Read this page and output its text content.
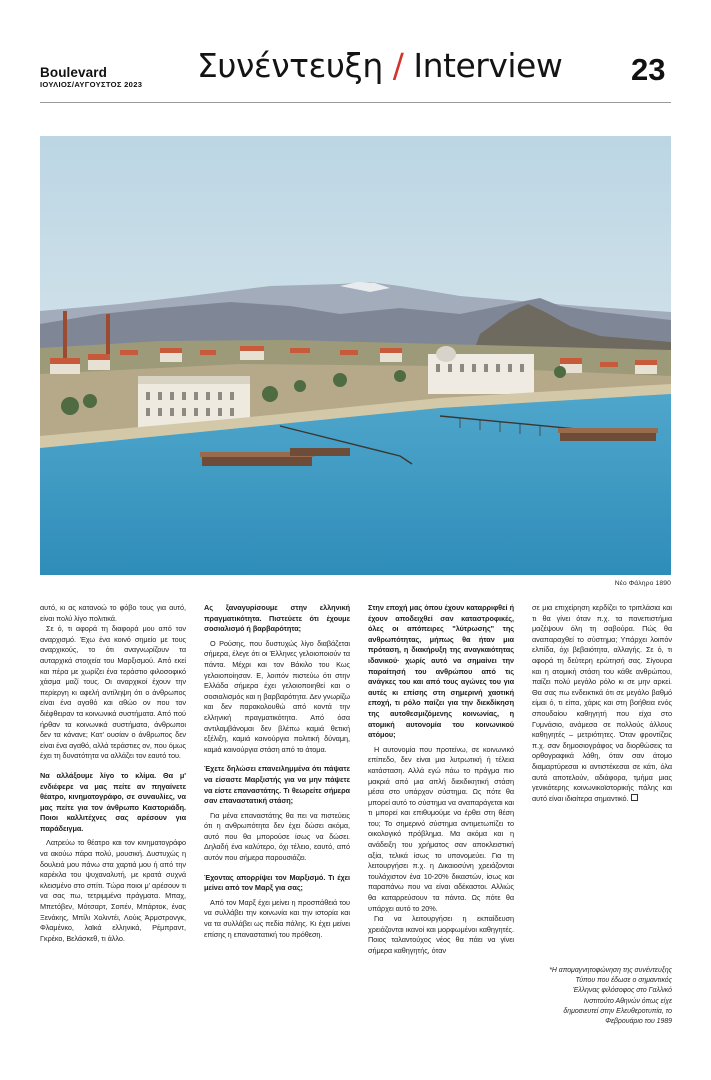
Boulevard
ΙΟΥΛΙΟΣ/ΑΥΓΟΥΣΤΟΣ 2023	Συνέντευξη / Interview 23
Νέο Φάληρο 1890

αυτό, κι ας κατανοώ το φόβο τους για αυτό, είναι πολύ λίγο πολιτικά.

Σε ό, τι αφορά τη διαφορά μου από τον αναρχισμό. Έχω ένα κοινό σημείο με τους αναρχικούς, το ότι αναγνωρίζουν τα αυταρχικά στοιχεία του Μαρξισμού. Από εκεί και πέρα με χωρίζει ένα τεράστιο φιλοσοφικό χάσμα μαζί τους. Οι αναρχικοί έχουν την περίεργη κι αφελή αντίληψη ότι ο άνθρωπος είναι ένα αγαθό και αθώο ον που τον διέφθειραν τα κοινωνικά συστήματα. Από πού ήρθαν τα κοινωνικά συστήματα, άνθρωποι δεν τα κάνανε; Κατ' ουσίαν ο άνθρωπος δεν είναι ένα αγαθό, αλλά τεράστιες ον, που όμως έχει τη δυνατότητα να αλλάζει τον εαυτό του.

Να αλλάξουμε λίγο το κλίμα. Θα μ' ενδιέφερε να μας πείτε αν πηγαίνετε θέατρο, κινηματογράφο, σε συναυλίες, να μας πείτε για τον άνθρωπο Καστοριάδη. Ποιοι καλλιτέχνες σας αρέσουν για παράδειγμα.

Λατρεύω το θέατρο και τον κινηματογράφο να ακούω πάρα πολύ, μουσική. Δυστυχώς η δουλειά μου πάνω στα χαρτιά μου ή από την καρέκλα του ψυχαναλυτή, με κρατά συχνά κλεισμένο στο σπίτι. Τώρα ποιοι μ' αρέσουν τι να σας πω, τετριμμένα πράγματα. Μπαχ, Μπετόβεν, Μότσαρτ, Σοπέν, Μπάρτοκ, ένας Ξενάκης, Μπίλι Χολιντέι, Λούις Άρμστρονγκ, Φλαμένκο, λαϊκά ελληνικά, Ρέμπραντ, Γκρέκο, Βελάσκεθ, τι άλλο.

Ας ξαναγυρίσουμε στην ελληνική πραγματικότητα. Πιστεύετε ότι έχουμε σοσιαλισμό ή βαρβαρότητα;

Ο Ρούσης, που δυστυχώς λίγο διαβάζεται σήμερα, έλεγε ότι οι Έλληνες γελοιοποιούν τα πάντα. Μέχρι και τον Βάκιλο του Κως γελοιοποίησαν. Ε, λοιπόν πιστεύω ότι στην Ελλάδα σήμερα έχει γελοιοποιηθεί και ο σοσιαλισμός και η βαρβαρότητα. Δεν γνωρίζω και δεν παρακολουθώ από κοντά την ελληνική πραγματικότητα. Από όσα αντιλαμβάνομαι δεν βλέπω καμιά θετική εξέλιξη, καμιά καινούργια πολιτική δύναμη, καμιά καινούργια στάση από το άτομα.

Έχετε δηλώσει επανειλημμένα ότι πάψατε να είσαστε Μαρξιστής για να μην πάψετε να είστε επαναστάτης. Τι θεωρείτε σήμερα σαν επαναστατική στάση;

Για μένα επαναστάτης θα πει να πιστεύεις ότι η ανθρωπότητα δεν έχει δώσει ακόμα, αυτό που θα μπορούσε ίσως να δώσει. Δηλαδή ένα καλύτερο, όχι τέλειο, εαυτό, από αυτόν που σήμερα παρουσιάζει.

Έχοντας απορρίψει τον Μαρξισμό. Τι έχει μείνει από τον Μαρξ για σας;

Από τον Μαρξ έχει μείνει η προσπάθειά του να συλλάβει την κοινωνία και την ιστορία και να τα συλλάβει ως πεδία πάλης. Κι έχει μείνει επίσης η επαναστατική του πρόθεση.

Στην εποχή μας όπου έχουν καταρριφθεί ή έχουν αποδειχθεί σαν καταστροφικές, όλες οι απόπειρες "λύτρωσης" της ανθρωπότητας, μήπως θα ήταν μια πρόταση, η διακήρυξη της αναγκαιότητας ιδανικού· χωρίς αυτό να σημαίνει την παραίτησή του ανθρώπου από τις ανάγκες του και από τους αγώνες του για αυτές κι επίσης στη σημερινή χαοτική εποχή, τι ρόλο παίζει για την διεκδίκηση της αυτοθεσμιζόμενης κοινωνίας, η ατομική αυτονομία του κοινωνικού ατόμου;

Η αυτονομία που προτείνω, σε κοινωνικό επίπεδο, δεν είναι μια λυτρωτική ή τέλεια κατάσταση. Αλλά εγώ πάω το πράγμα πιο μακριά από μια απλή διεκδικητική στάση μέσα στο υπάρχον σύστημα. Ως πότε θα μπορεί αυτό το σύστημα να αναπαράγεται και τι μπορεί και επιθυμούμε να έρθει στη θέση του; Το σημερινό σύστημα αντιμετωπίζει το οικολογικό πρόβλημα. Μα ακόμα και η ανάδειξη του χρήματος σαν αποκλειστική αξία, τελικά ίσως το υπονομεύει. Για τη λειτουργήσει π.χ. η Δικαιοσύνη χρειάζονται τουλάχιστον ένα 10-20% δικαστών, ίσως και παραπάνω που να είναι αδέκαστοι. Αλλιώς θα καταρρεύσουν τα πάντα. Ως πότε θα υπάρχει αυτό το 20%.

Για να λειτουργήσει η εκπαίδευση χρειάζονται ικανοί και μορφωμένοι καθηγητές. Ποιος ταλαντούχος νέος θα πάει να γίνει σήμερα καθηγητής, όταν

σε μια επιχείρηση κερδίζει το τριπλάσια και τι θα γίνει όταν π.χ. τα πανεπιστήμια μαζέψουν όλη τη σαβούρα. Πώς θα αναπαραχθεί το σύστημα; Υπάρχει λοιπόν ελπίδα, όχι βεβαιότητα, αλλαγής. Σε ό, τι αφορά τη δεύτερη ερώτησή σας. Σίγουρα και η ατομική στάση του κάθε ανθρώπου, παίζει πολύ μεγάλο ρόλο κι σε μην αρκεί. Θα σας πω ενδεικτικά ότι σε μεγάλο βαθμό είμαι ό, τι είπα, χάρις και στη βοήθεια ενός σπουδαίου καθηγητή που είχα στο Γυμνάσιο, ανάμεσα σε πολλούς άλλους καθηγητές – μετριότητες. Όταν φροντίζεις π.χ. σαν δημοσιογράφος να διορθώσεις τα ορθογραφικά λάθη, όταν σαν άτομο διαμαρτύρεσαι κι αντιστέκεσαι σε κάτι, όλα αυτά αποτελούν, αδιάφορα, τμήμα μιας γενικότερης κοινωνικοϊστορικής πάλης και αυτό είναι ιδιαίτερα σημαντικό.

*Η απομαγνητοφώνηση της συνέντευξης Τύπου που έδωσε ο σημαντικός Έλληνας φιλόσοφος στο Γαλλικό Ινστιτούτο Αθηνών όπως είχε δημοσιευτεί στην Ελευθεροτυπία, το Φεβρουάριο του 1989
